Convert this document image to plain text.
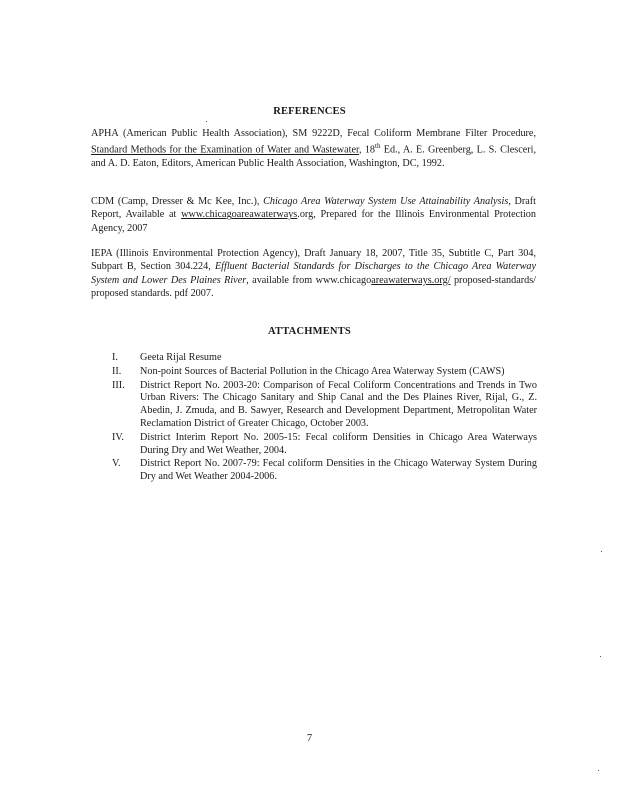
REFERENCES

APHA (American Public Health Association), SM 9222D, Fecal Coliform Membrane Filter Procedure, Standard Methods for the Examination of Water and Wastewater, 18th Ed., A. E. Greenberg, L. S. Clesceri, and A. D. Eaton, Editors, American Public Health Association, Washington, DC, 1992.

CDM (Camp, Dresser & Mc Kee, Inc.), Chicago Area Waterway System Use Attainability Analysis, Draft Report, Available at www.chicagoareawaterways.org, Prepared for the Illinois Environmental Protection Agency, 2007

IEPA (Illinois Environmental Protection Agency), Draft January 18, 2007, Title 35, Subtitle C, Part 304, Subpart B, Section 304.224, Effluent Bacterial Standards for Discharges to the Chicago Area Waterway System and Lower Des Plaines River, available from www.chicagoareawaterways.org/ proposed-standards/ proposed standards. pdf 2007.

ATTACHMENTS
I.	Geeta Rijal Resume
II.	Non-point Sources of Bacterial Pollution in the Chicago Area Waterway System (CAWS)
III.	District Report No. 2003-20: Comparison of Fecal Coliform Concentrations and Trends in Two Urban Rivers: The Chicago Sanitary and Ship Canal and the Des Plaines River, Rijal, G., Z. Abedin, J. Zmuda, and B. Sawyer, Research and Development Department, Metropolitan Water Reclamation District of Greater Chicago, October 2003.
IV.	District Interim Report No. 2005-15: Fecal coliform Densities in Chicago Area Waterways During Dry and Wet Weather, 2004.
V.	District Report No. 2007-79: Fecal coliform Densities in the Chicago Waterway System During Dry and Wet Weather 2004-2006.
7
